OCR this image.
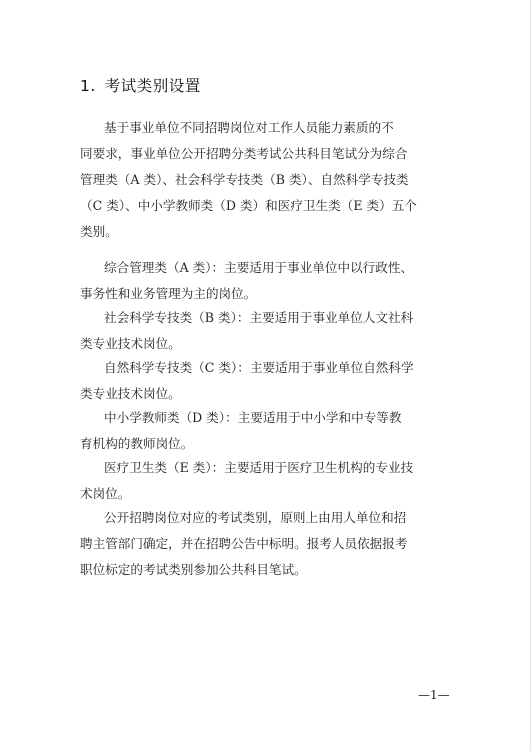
1. 考试类别设置
基于事业单位不同招聘岗位对工作人员能力素质的不
同要求，事业单位公开招聘分类考试公共科目笔试分为综合
管理类（A 类）、社会科学专技类（B 类）、自然科学专技类
（C 类）、中小学教师类（D 类）和医疗卫生类（E 类）五个
类别。
综合管理类（A 类）：主要适用于事业单位中以行政性、
事务性和业务管理为主的岗位。
社会科学专技类（B 类）：主要适用于事业单位人文社科
类专业技术岗位。
自然科学专技类（C 类）：主要适用于事业单位自然科学
类专业技术岗位。
中小学教师类（D 类）：主要适用于中小学和中专等教
育机构的教师岗位。
医疗卫生类（E 类）：主要适用于医疗卫生机构的专业技
术岗位。
公开招聘岗位对应的考试类别，原则上由用人单位和招
聘主管部门确定，并在招聘公告中标明。报考人员依据报考
职位标定的考试类别参加公共科目笔试。
—1—
